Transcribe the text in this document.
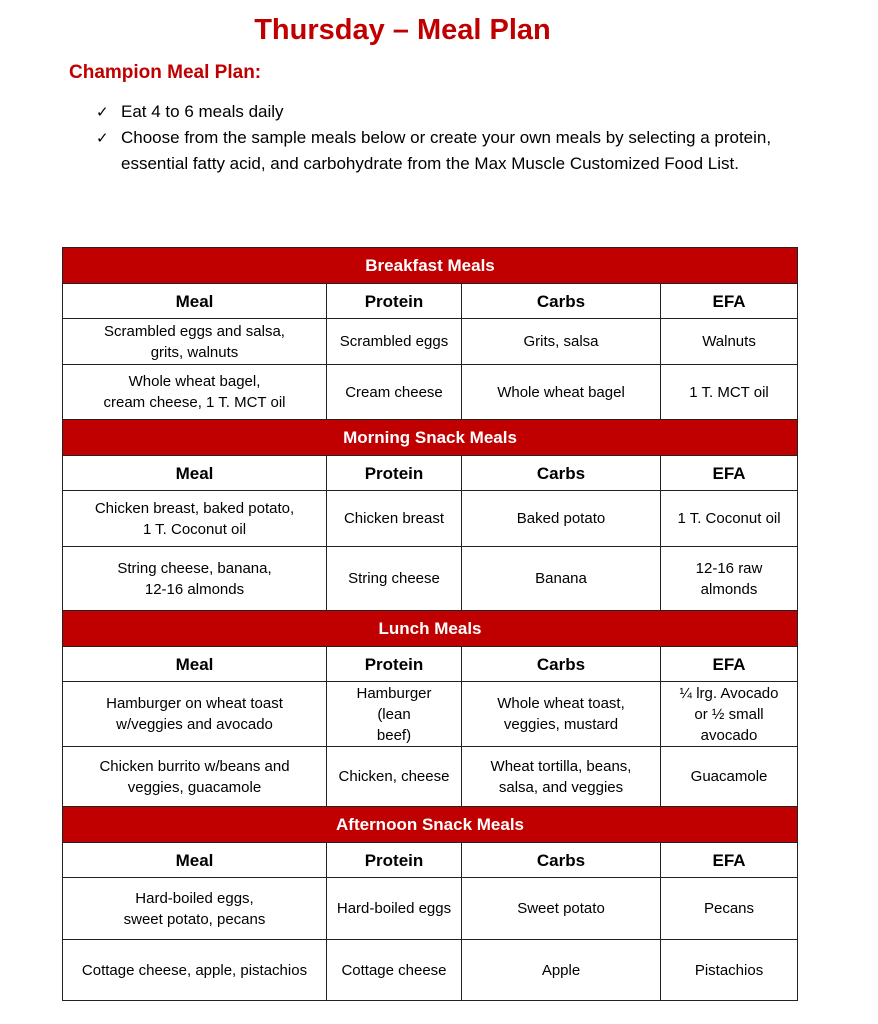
Thursday – Meal Plan
Champion Meal Plan:
✓ Eat 4 to 6 meals daily
✓ Choose from the sample meals below or create your own meals by selecting a protein, essential fatty acid, and carbohydrate from the Max Muscle Customized Food List.
Breakfast Meals			
Meal	Protein	Carbs	EFA
Scrambled eggs and salsa,
grits, walnuts	Scrambled eggs	Grits, salsa	Walnuts
Whole wheat bagel,
cream cheese, 1 T. MCT oil	Cream cheese	Whole wheat bagel	1 T. MCT oil
Morning Snack Meals			
Meal	Protein	Carbs	EFA
Chicken breast, baked potato,
1 T. Coconut oil	Chicken breast	Baked potato	1 T. Coconut oil
String cheese, banana,
12-16 almonds	String cheese	Banana	12-16 raw
almonds
Lunch Meals			
Meal	Protein	Carbs	EFA
Hamburger on wheat toast
w/veggies and avocado	Hamburger
(lean
beef)	Whole wheat toast,
veggies, mustard	¼ lrg. Avocado
or ½ small
avocado
Chicken burrito w/beans and
veggies, guacamole	Chicken, cheese	Wheat tortilla, beans,
salsa, and veggies	Guacamole
Afternoon Snack Meals			
Meal	Protein	Carbs	EFA
Hard-boiled eggs,
sweet potato, pecans	Hard-boiled eggs	Sweet potato	Pecans
Cottage cheese, apple, pistachios	Cottage cheese	Apple	Pistachios
